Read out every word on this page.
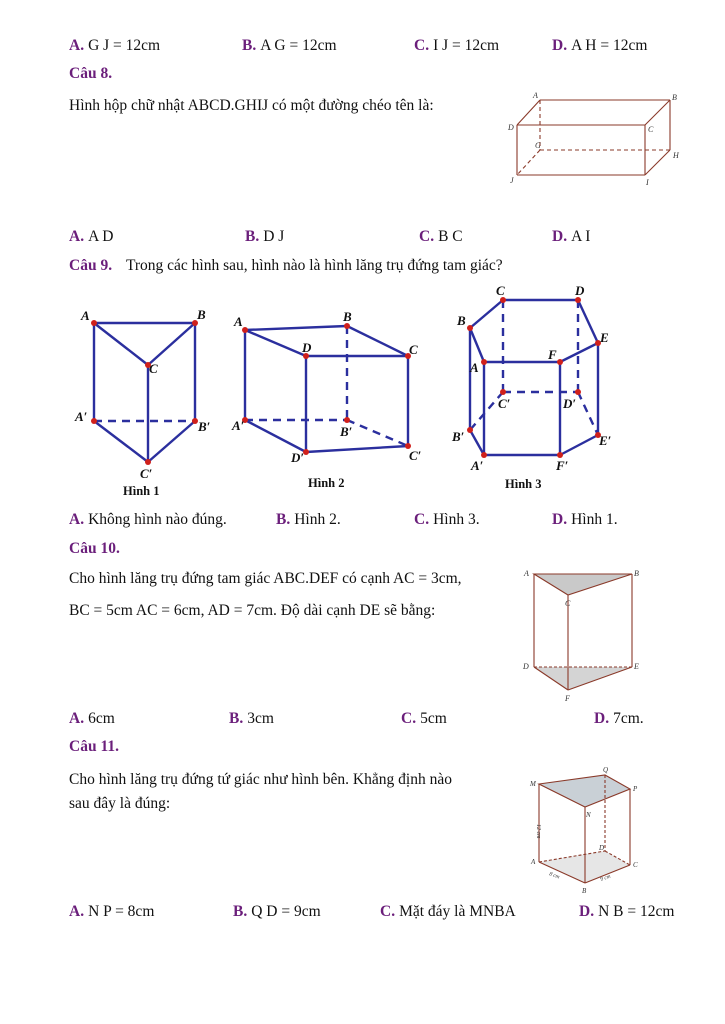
A. G J = 12cm	B. A G = 12cm	C. I J = 12cm	D. A H = 12cm
Câu 8.
Hình hộp chữ nhật ABCD.GHIJ có một đường chéo tên là:
A	B
C
D
G
H
I
J
A. A D	B. D J	C. B C	D. A I
Câu 9. Trong các hình sau, hình nào là hình lăng trụ đứng tam giác?
A	B
C
A′
B′
C′
A	B
C
D
A′	B′
C′
D′
B
C	D
E
F
A
B′
C′	D′
E′
F′
A′
Hình 1
Hình 2	Hình 3
A. Không hình nào đúng.	B. Hình 2.	C. Hình 3.	D. Hình 1.
Câu 10.
Cho hình lăng trụ đứng tam giác ABC.DEF có cạnh AC = 3cm,
BC = 5cm AC = 6cm, AD = 7cm. Độ dài cạnh DE sẽ bằng:
A	B
C
D	E
F
A. 6cm	B. 3cm	C. 5cm	D. 7cm.
Câu 11.
Cho hình lăng trụ đứng tứ giác như hình bên. Khẳng định nào
sau đây là đúng:
M
Q
P
N
A
D
C
B
12 cm
8 cm	9 cm
A. N P = 8cm	B. Q D = 9cm	C. Mặt đáy là MNBA	D. N B = 12cm
